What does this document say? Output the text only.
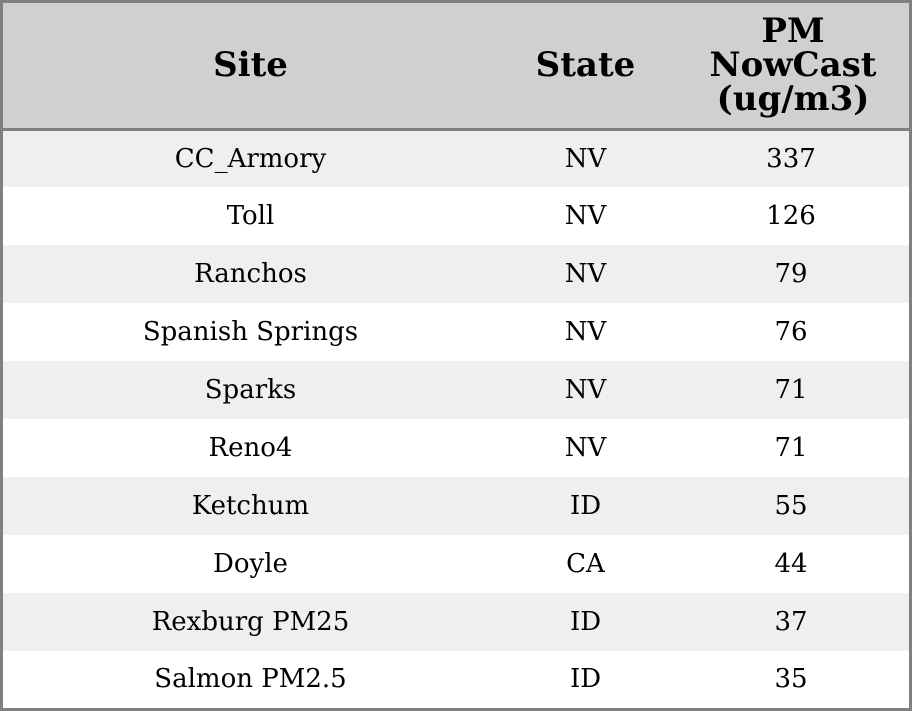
Site	State	PM NowCast (ug/m3)
CC_Armory	NV	337
Toll	NV	126
Ranchos	NV	79
Spanish Springs	NV	76
Sparks	NV	71
Reno4	NV	71
Ketchum	ID	55
Doyle	CA	44
Rexburg PM25	ID	37
Salmon PM2.5	ID	35
